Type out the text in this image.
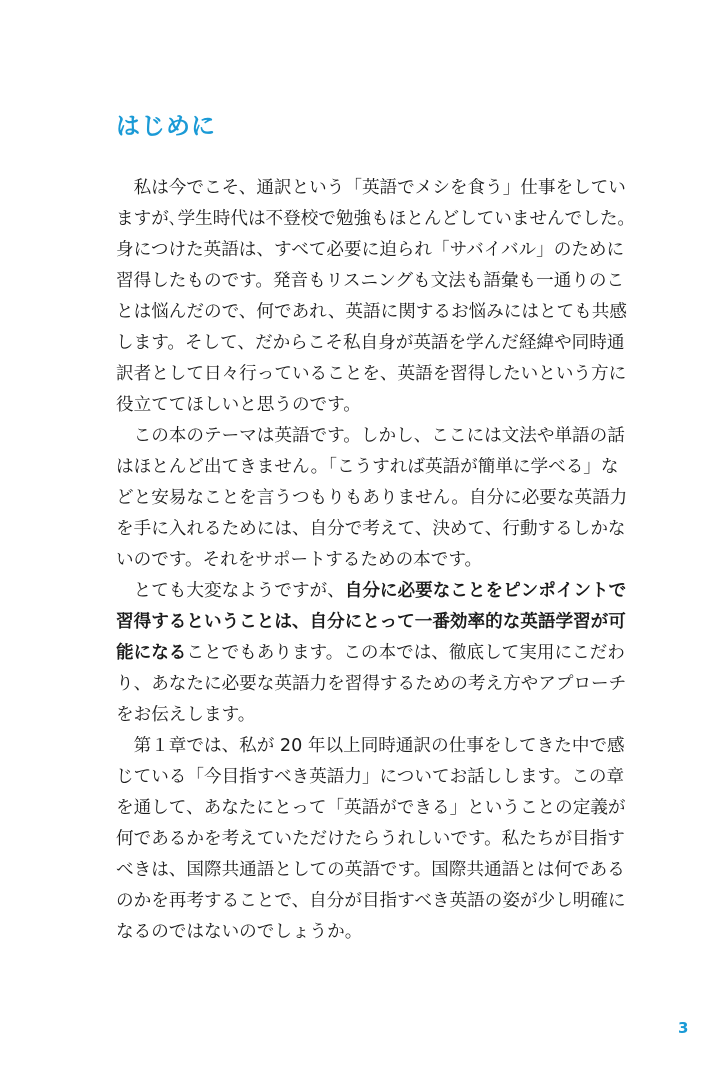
はじめに
　私は今でこそ、通訳という「英語でメシを食う」仕事をしてい
ますが､学生時代は不登校で勉強もほとんどしていませんでした。
身につけた英語は、すべて必要に迫られ「サバイバル」のために
習得したものです。発音もリスニングも文法も語彙も一通りのこ
とは悩んだので、何であれ、英語に関するお悩みにはとても共感
します。そして、だからこそ私自身が英語を学んだ経緯や同時通
訳者として日々行っていることを、英語を習得したいという方に
役立ててほしいと思うのです。
　この本のテーマは英語です。しかし、ここには文法や単語の話
はほとんど出てきません。「こうすれば英語が簡単に学べる」な
どと安易なことを言うつもりもありません。自分に必要な英語力
を手に入れるためには、自分で考えて、決めて、行動するしかな
いのです。それをサポートするための本です。
　とても大変なようですが、自分に必要なことをピンポイントで
習得するということは、自分にとって一番効率的な英語学習が可
能になることでもあります。この本では、徹底して実用にこだわ
り、あなたに必要な英語力を習得するための考え方やアプローチ
をお伝えします。
　第１章では、私が 20 年以上同時通訳の仕事をしてきた中で感
じている「今目指すべき英語力」についてお話しします。この章
を通して、あなたにとって「英語ができる」ということの定義が
何であるかを考えていただけたらうれしいです。私たちが目指す
べきは、国際共通語としての英語です。国際共通語とは何である
のかを再考することで、自分が目指すべき英語の姿が少し明確に
なるのではないのでしょうか。
3
